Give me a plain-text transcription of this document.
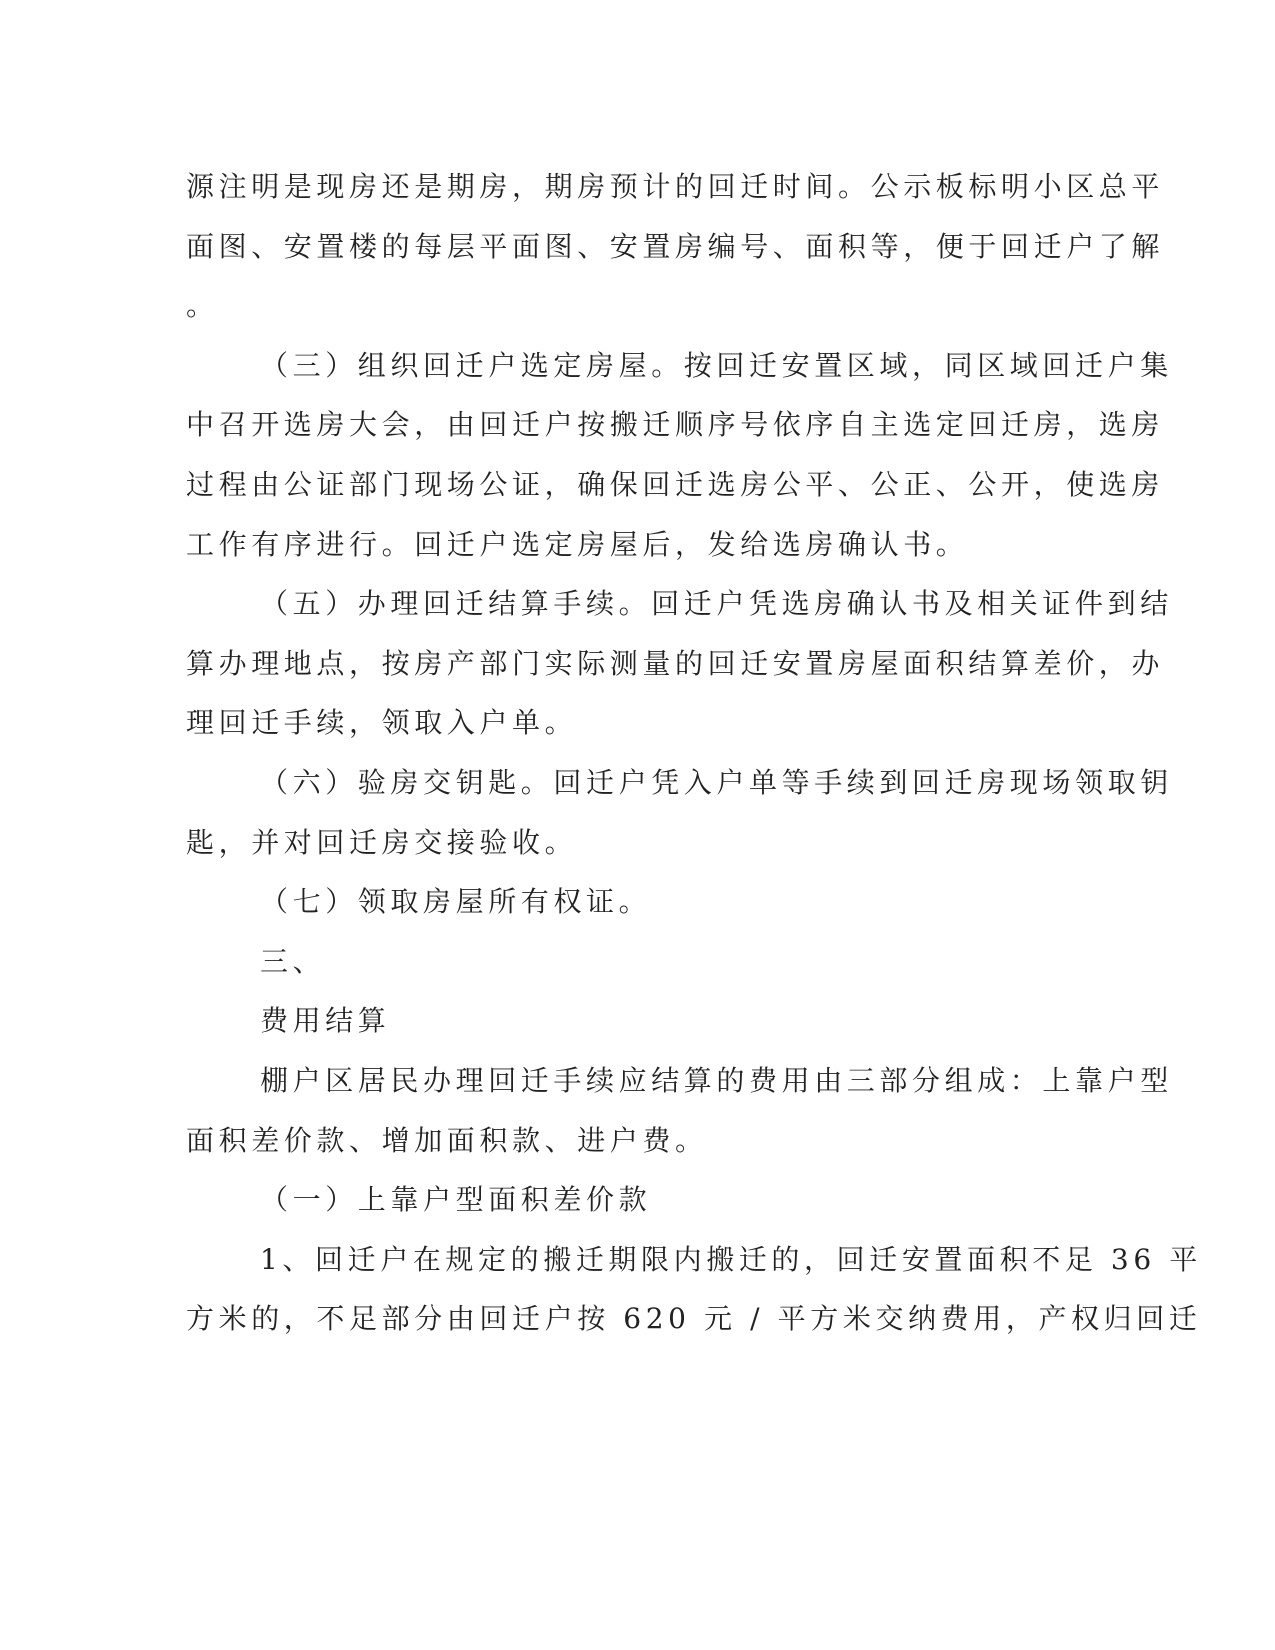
源注明是现房还是期房，期房预计的回迁时间。公示板标明小区总平
面图、安置楼的每层平面图、安置房编号、面积等，便于回迁户了解
。
（三）组织回迁户选定房屋。按回迁安置区域，同区域回迁户集
中召开选房大会，由回迁户按搬迁顺序号依序自主选定回迁房，选房
过程由公证部门现场公证，确保回迁选房公平、公正、公开，使选房
工作有序进行。回迁户选定房屋后，发给选房确认书。
（五）办理回迁结算手续。回迁户凭选房确认书及相关证件到结
算办理地点，按房产部门实际测量的回迁安置房屋面积结算差价，办
理回迁手续，领取入户单。
（六）验房交钥匙。回迁户凭入户单等手续到回迁房现场领取钥
匙，并对回迁房交接验收。
（七）领取房屋所有权证。
三、
费用结算
棚户区居民办理回迁手续应结算的费用由三部分组成：上靠户型
面积差价款、增加面积款、进户费。
（一）上靠户型面积差价款
1、回迁户在规定的搬迁期限内搬迁的，回迁安置面积不足 36 平
方米的，不足部分由回迁户按 620 元 / 平方米交纳费用，产权归回迁
